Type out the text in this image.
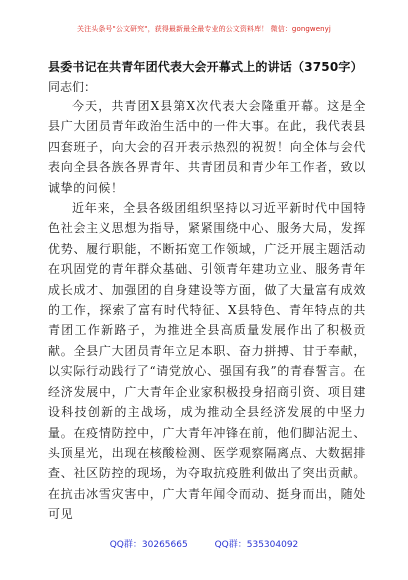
关注头条号"公文研究"，获得最新最全最专业的公文资料库！ 微信：gongwenyj
县委书记在共青年团代表大会开幕式上的讲话（3750字）
同志们：

今天，共青团X县第X次代表大会隆重开幕。这是全县广大团员青年政治生活中的一件大事。在此，我代表县四套班子，向大会的召开表示热烈的祝贺！向全体与会代表向全县各族各界青年、共青团员和青少年工作者，致以诚挚的问候！

近年来，全县各级团组织坚持以习近平新时代中国特色社会主义思想为指导，紧紧围绕中心、服务大局，发挥优势、履行职能，不断拓宽工作领域，广泛开展主题活动在巩固党的青年群众基础、引领青年建功立业、服务青年成长成才、加强团的自身建设等方面，做了大量富有成效的工作，探索了富有时代特征、X县特色、青年特点的共青团工作新路子，为推进全县高质量发展作出了积极贡献。全县广大团员青年立足本职、奋力拼搏、甘于奉献，以实际行动践行了“请党放心、强国有我”的青春誓言。在经济发展中，广大青年企业家积极投身招商引资、项目建设科技创新的主战场，成为推动全县经济发展的中坚力量。在疫情防控中，广大青年冲锋在前，他们脚沾泥土、头顶星光，出现在核酸检测、医学观察隔离点、大数据排查、社区防控的现场，为夺取抗疫胜利做出了突出贡献。在抗击冰雪灾害中，广大青年闻令而动、挺身而出，随处可见

QQ群：30265665	QQ群：535304092
